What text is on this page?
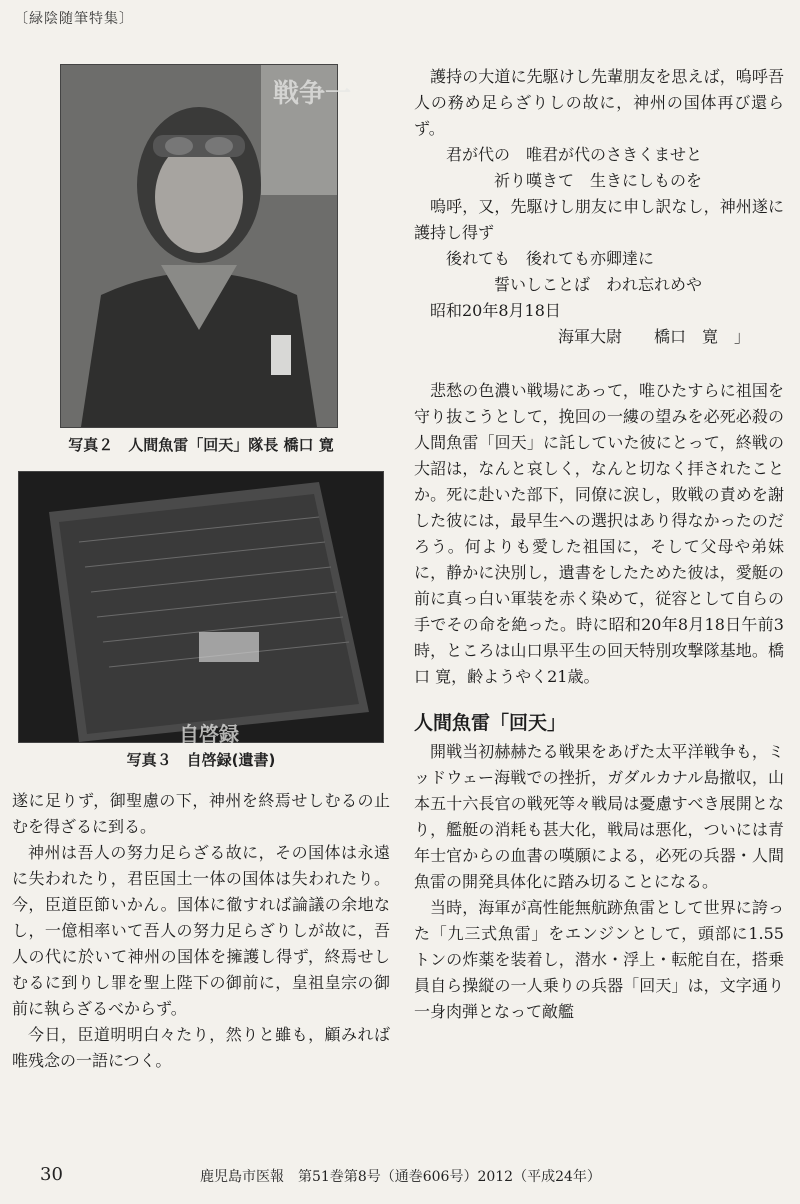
〔緑陰随筆特集〕
戦争一
写真２　人間魚雷「回天」隊長 橋口 寛
自啓録
写真３　自啓録(遺書)

遂に足りず，御聖慮の下，神州を終焉せしむるの止むを得ざるに到る。

神州は吾人の努力足らざる故に，その国体は永遠に失われたり，君臣国土一体の国体は失われたり。今，臣道臣節いかん。国体に徹すれば論議の余地なし，一億相率いて吾人の努力足らざりしが故に，吾人の代に於いて神州の国体を擁護し得ず，終焉せしむるに到りし罪を聖上陛下の御前に，皇祖皇宗の御前に執らざるべからず。

今日，臣道明明白々たり，然りと雖も，顧みれば唯残念の一語につく。

護持の大道に先駆けし先輩朋友を思えば，嗚呼吾人の務め足らざりしの故に，神州の国体再び還らず。

君が代の　唯君が代のさきくませと

祈り嘆きて　生きにしものを

嗚呼，又，先駆けし朋友に申し訳なし，神州遂に護持し得ず

後れても　後れても亦卿達に

誓いしことば　われ忘れめや

昭和20年8月18日

海軍大尉　　橋口　寛　」

悲愁の色濃い戦場にあって，唯ひたすらに祖国を守り抜こうとして，挽回の一縷の望みを必死必殺の人間魚雷「回天」に託していた彼にとって，終戦の大詔は，なんと哀しく，なんと切なく拝されたことか。死に赴いた部下，同僚に涙し，敗戦の責めを謝した彼には，最早生への選択はあり得なかったのだろう。何よりも愛した祖国に，そして父母や弟妹に，静かに決別し，遺書をしたためた彼は，愛艇の前に真っ白い軍装を赤く染めて，従容として自らの手でその命を絶った。時に昭和20年8月18日午前3時，ところは山口県平生の回天特別攻撃隊基地。橋口 寛，齢ようやく21歳。

人間魚雷「回天」

開戦当初赫赫たる戦果をあげた太平洋戦争も，ミッドウェー海戦での挫折，ガダルカナル島撤収，山本五十六長官の戦死等々戦局は憂慮すべき展開となり，艦艇の消耗も甚大化，戦局は悪化，ついには青年士官からの血書の嘆願による，必死の兵器・人間魚雷の開発具体化に踏み切ることになる。

当時，海軍が高性能無航跡魚雷として世界に誇った「九三式魚雷」をエンジンとして，頭部に1.55トンの炸薬を装着し，潜水・浮上・転舵自在，搭乗員自ら操縦の一人乗りの兵器「回天」は，文字通り一身肉弾となって敵艦

30	鹿児島市医報　第51巻第8号（通巻606号）2012（平成24年）
